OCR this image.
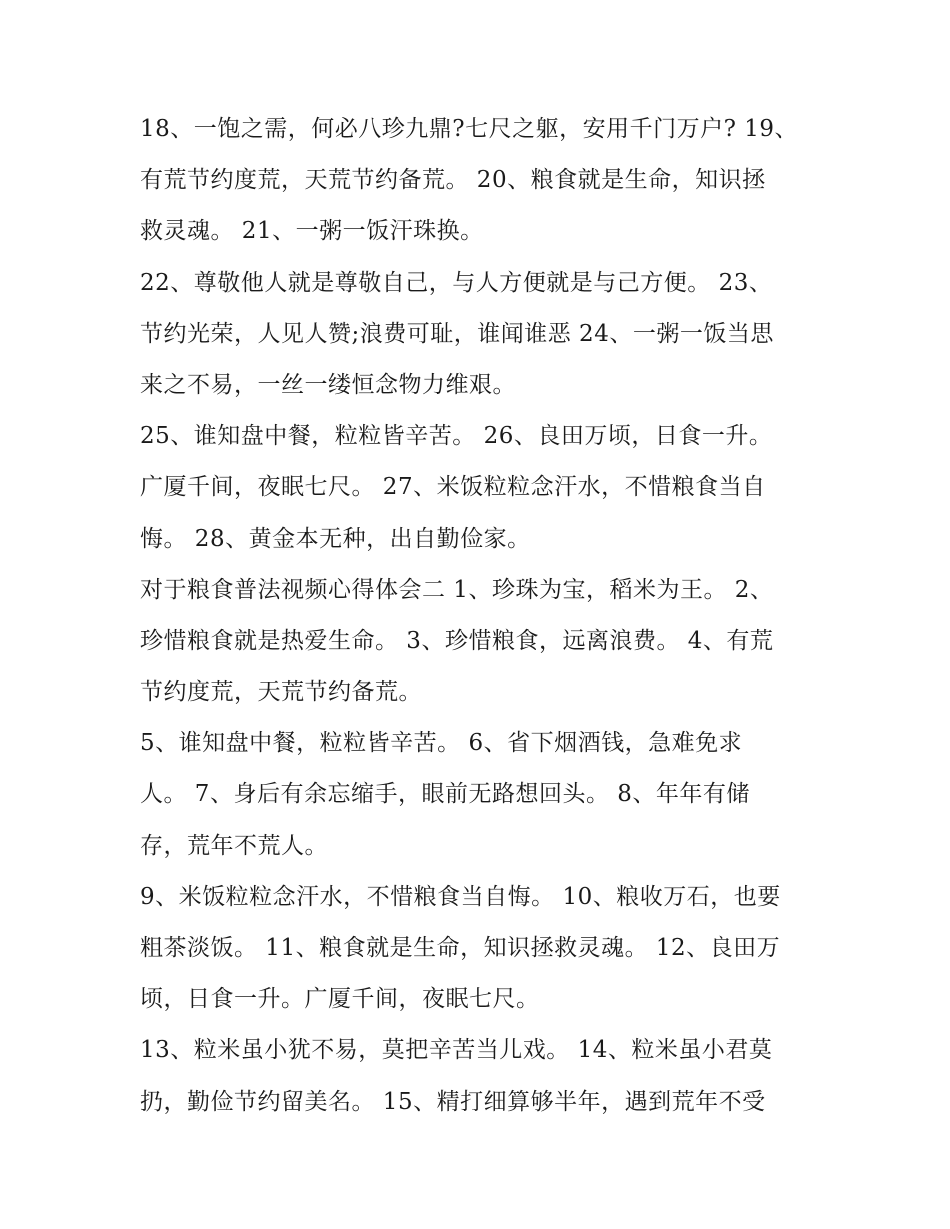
18、一饱之需，何必八珍九鼎?七尺之躯，安用千门万户? 19、
有荒节约度荒，天荒节约备荒。 20、粮食就是生命，知识拯
救灵魂。 21、一粥一饭汗珠换。
22、尊敬他人就是尊敬自己，与人方便就是与己方便。 23、
节约光荣，人见人赞;浪费可耻，谁闻谁恶 24、一粥一饭当思
来之不易，一丝一缕恒念物力维艰。
25、谁知盘中餐，粒粒皆辛苦。 26、良田万顷，日食一升。
广厦千间，夜眠七尺。 27、米饭粒粒念汗水，不惜粮食当自
悔。 28、黄金本无种，出自勤俭家。
对于粮食普法视频心得体会二 1、珍珠为宝，稻米为王。 2、
珍惜粮食就是热爱生命。 3、珍惜粮食，远离浪费。 4、有荒
节约度荒，天荒节约备荒。
5、谁知盘中餐，粒粒皆辛苦。 6、省下烟酒钱，急难免求
人。 7、身后有余忘缩手，眼前无路想回头。 8、年年有储
存，荒年不荒人。
9、米饭粒粒念汗水，不惜粮食当自悔。 10、粮收万石，也要
粗茶淡饭。 11、粮食就是生命，知识拯救灵魂。 12、良田万
顷，日食一升。广厦千间，夜眠七尺。
13、粒米虽小犹不易，莫把辛苦当儿戏。 14、粒米虽小君莫
扔，勤俭节约留美名。 15、精打细算够半年，遇到荒年不受
